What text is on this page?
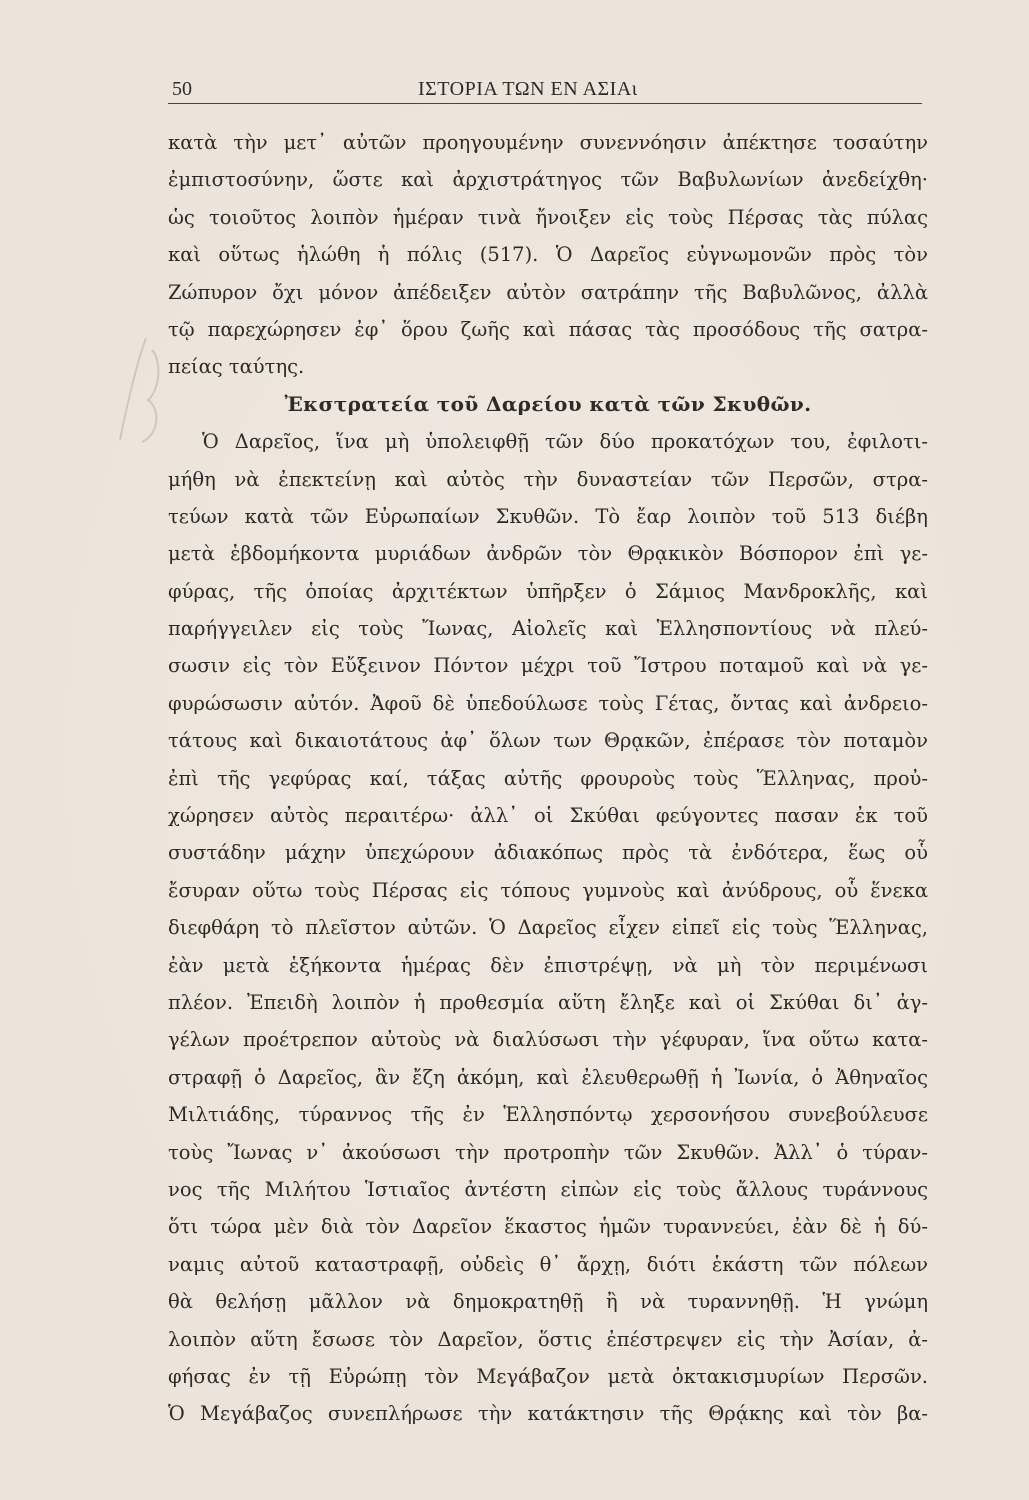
50	ΙΣΤΟΡΙΑ ΤΩΝ ΕΝ ΑΣΙΑι
κατὰ τὴν μετ᾽ αὐτῶν προηγουμένην συνεννόησιν ἀπέκτησε τοσαύτην
ἐμπιστοσύνην, ὥστε καὶ ἀρχιστράτηγος τῶν Βαβυλωνίων ἀνεδείχθη·
ὡς τοιοῦτος λοιπὸν ἡμέραν τινὰ ἤνοιξεν εἰς τοὺς Πέρσας τὰς πύλας
καὶ οὕτως ἡλώθη ἡ πόλις (517). Ὁ Δαρεῖος εὐγνωμονῶν πρὸς τὸν
Ζώπυρον ὄχι μόνον ἀπέδειξεν αὐτὸν σατράπην τῆς Βαβυλῶνος, ἀλλὰ
τῷ παρεχώρησεν ἐφ᾽ ὅρου ζωῆς καὶ πάσας τὰς προσόδους τῆς σατρα-
πείας ταύτης.
Ἐκστρατεία τοῦ Δαρείου κατὰ τῶν Σκυθῶν.
Ὁ Δαρεῖος, ἵνα μὴ ὑπολειφθῇ τῶν δύο προκατόχων του, ἐφιλοτι-
μήθη νὰ ἐπεκτείνῃ καὶ αὐτὸς τὴν δυναστείαν τῶν Περσῶν, στρα-
τεύων κατὰ τῶν Εὐρωπαίων Σκυθῶν. Τὸ ἔαρ λοιπὸν τοῦ 513 διέβη
μετὰ ἑβδομήκοντα μυριάδων ἀνδρῶν τὸν Θρᾳκικὸν Βόσπορον ἐπὶ γε-
φύρας, τῆς ὁποίας ἀρχιτέκτων ὑπῆρξεν ὁ Σάμιος Μανδροκλῆς, καὶ
παρήγγειλεν εἰς τοὺς Ἴωνας, Αἰολεῖς καὶ Ἑλλησποντίους νὰ πλεύ-
σωσιν εἰς τὸν Εὔξεινον Πόντον μέχρι τοῦ Ἴστρου ποταμοῦ καὶ νὰ γε-
φυρώσωσιν αὐτόν. Ἀφοῦ δὲ ὑπεδούλωσε τοὺς Γέτας, ὄντας καὶ ἀνδρειο-
τάτους καὶ δικαιοτάτους ἀφ᾽ ὅλων των Θρᾳκῶν, ἐπέρασε τὸν ποταμὸν
ἐπὶ τῆς γεφύρας καί, τάξας αὐτῆς φρουροὺς τοὺς Ἕλληνας, προὐ-
χώρησεν αὐτὸς περαιτέρω· ἀλλ᾽ οἱ Σκύθαι φεύγοντες πασαν ἐκ τοῦ
συστάδην μάχην ὑπεχώρουν ἀδιακόπως πρὸς τὰ ἐνδότερα, ἕως οὗ
ἔσυραν οὕτω τοὺς Πέρσας εἰς τόπους γυμνοὺς καὶ ἀνύδρους, οὗ ἕνεκα
διεφθάρη τὸ πλεῖστον αὐτῶν. Ὁ Δαρεῖος εἶχεν εἰπεῖ εἰς τοὺς Ἕλληνας,
ἐὰν μετὰ ἑξήκοντα ἡμέρας δὲν ἐπιστρέψῃ, νὰ μὴ τὸν περιμένωσι
πλέον. Ἐπειδὴ λοιπὸν ἡ προθεσμία αὕτη ἔληξε καὶ οἱ Σκύθαι δι᾽ ἀγ-
γέλων προέτρεπον αὐτοὺς νὰ διαλύσωσι τὴν γέφυραν, ἵνα οὕτω κατα-
στραφῇ ὁ Δαρεῖος, ἂν ἔζη ἀκόμη, καὶ ἐλευθερωθῇ ἡ Ἰωνία, ὁ Ἀθηναῖος
Μιλτιάδης, τύραννος τῆς ἐν Ἑλλησπόντῳ χερσονήσου συνεβούλευσε
τοὺς Ἴωνας ν᾽ ἀκούσωσι τὴν προτροπὴν τῶν Σκυθῶν. Ἀλλ᾽ ὁ τύραν-
νος τῆς Μιλήτου Ἱστιαῖος ἀντέστη εἰπὼν εἰς τοὺς ἄλλους τυράννους
ὅτι τώρα μὲν διὰ τὸν Δαρεῖον ἕκαστος ἡμῶν τυραννεύει, ἐὰν δὲ ἡ δύ-
ναμις αὐτοῦ καταστραφῇ, οὐδεὶς θ᾽ ἄρχῃ, διότι ἑκάστη τῶν πόλεων
θὰ θελήσῃ μᾶλλον νὰ δημοκρατηθῇ ἢ νὰ τυραννηθῇ. Ἡ γνώμη
λοιπὸν αὕτη ἔσωσε τὸν Δαρεῖον, ὅστις ἐπέστρεψεν εἰς τὴν Ἀσίαν, ἀ-
φήσας ἐν τῇ Εὐρώπῃ τὸν Μεγάβαζον μετὰ ὀκτακισμυρίων Περσῶν.
Ὁ Μεγάβαζος συνεπλήρωσε τὴν κατάκτησιν τῆς Θρᾴκης καὶ τὸν βα-
